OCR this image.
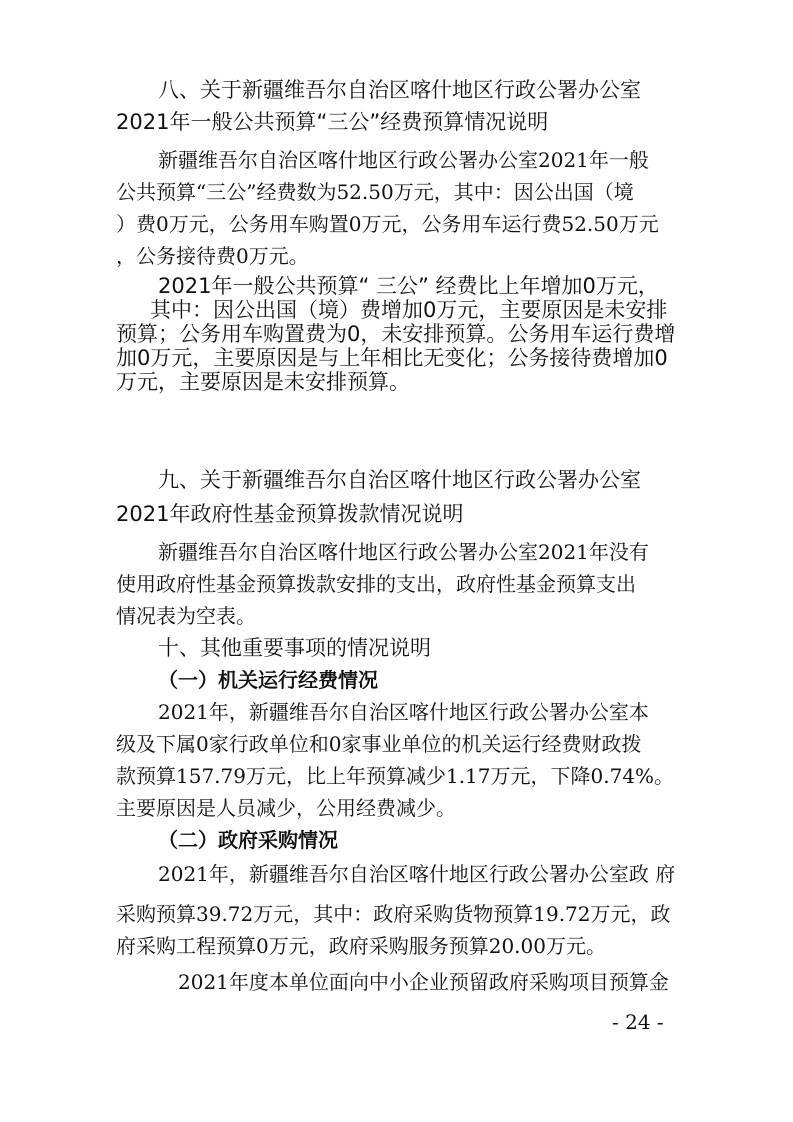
八、关于新疆维吾尔自治区喀什地区行政公署办公室
2021年一般公共预算“三公”经费预算情况说明
新疆维吾尔自治区喀什地区行政公署办公室2021年一般
公共预算“三公”经费数为52.50万元，其中：因公出国（境
）费0万元，公务用车购置0万元，公务用车运行费52.50万元
，公务接待费0万元。
2021年一般公共预算“ 三公” 经费比上年增加0万元，
其中：因公出国（境）费增加0万元，主要原因是未安排
预算；公务用车购置费为0，未安排预算。公务用车运行费增
加0万元，主要原因是与上年相比无变化；公务接待费增加0
万元，主要原因是未安排预算。
九、关于新疆维吾尔自治区喀什地区行政公署办公室
2021年政府性基金预算拨款情况说明
新疆维吾尔自治区喀什地区行政公署办公室2021年没有
使用政府性基金预算拨款安排的支出，政府性基金预算支出
情况表为空表。
十、其他重要事项的情况说明
（一）机关运行经费情况
2021年，新疆维吾尔自治区喀什地区行政公署办公室本
级及下属0家行政单位和0家事业单位的机关运行经费财政拨
款预算157.79万元，比上年预算减少1.17万元，下降0.74%。
主要原因是人员减少，公用经费减少。
（二）政府采购情况
2021年，新疆维吾尔自治区喀什地区行政公署办公室政 府
采购预算39.72万元，其中：政府采购货物预算19.72万元，政
府采购工程预算0万元，政府采购服务预算20.00万元。
2021年度本单位面向中小企业预留政府采购项目预算金
- 24 -
